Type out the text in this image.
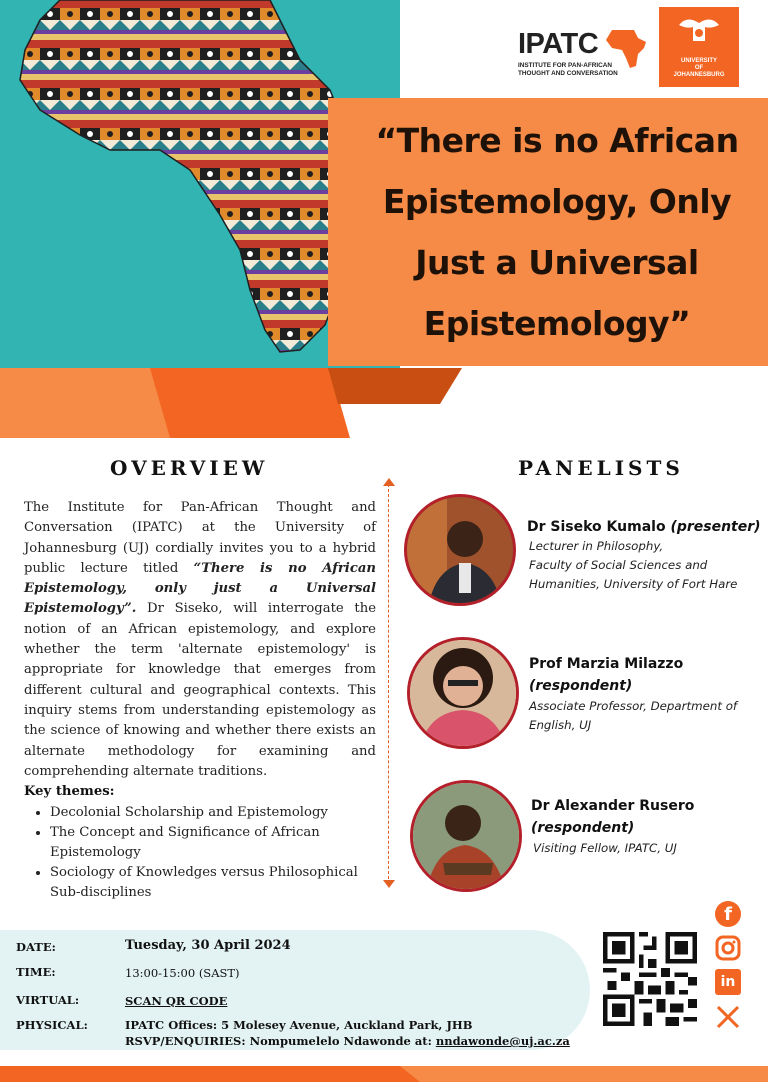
“There is no African
Epistemology, Only
Just a Universal
Epistemology”
IPATC
INSTITUTE FOR PAN-AFRICAN
THOUGHT AND CONVERSATION
UNIVERSITY
OF
JOHANNESBURG
OVERVIEW
The Institute for Pan-African Thought and Conversation (IPATC) at the University of Johannesburg (UJ) cordially invites you to a hybrid public lecture titled “There is no African Epistemology, only just a Universal Epistemology”. Dr Siseko, will interrogate the notion of an African epistemology, and explore whether the term 'alternate epistemology' is appropriate for knowledge that emerges from different cultural and geographical contexts. This inquiry stems from understanding epistemology as the science of knowing and whether there exists an alternate methodology for examining and comprehending alternate traditions.
Key themes:
• Decolonial Scholarship and Epistemology
• The Concept and Significance of African Epistemology
• Sociology of Knowledges versus Philosophical Sub-disciplines
PANELISTS
Dr Siseko Kumalo (presenter)
Lecturer in Philosophy,
Faculty of Social Sciences and
Humanities, University of Fort Hare
Prof Marzia Milazzo
(respondent)
Associate Professor, Department of
English, UJ
Dr Alexander Rusero
(respondent)
Visiting Fellow, IPATC, UJ
DATE:	Tuesday, 30 April 2024
TIME:	13:00-15:00 (SAST)
VIRTUAL:	SCAN QR CODE
PHYSICAL:	IPATC Offices: 5 Molesey Avenue, Auckland Park, JHB
RSVP/ENQUIRIES: Nompumelelo Ndawonde at: nndawonde@uj.ac.za
f
in
